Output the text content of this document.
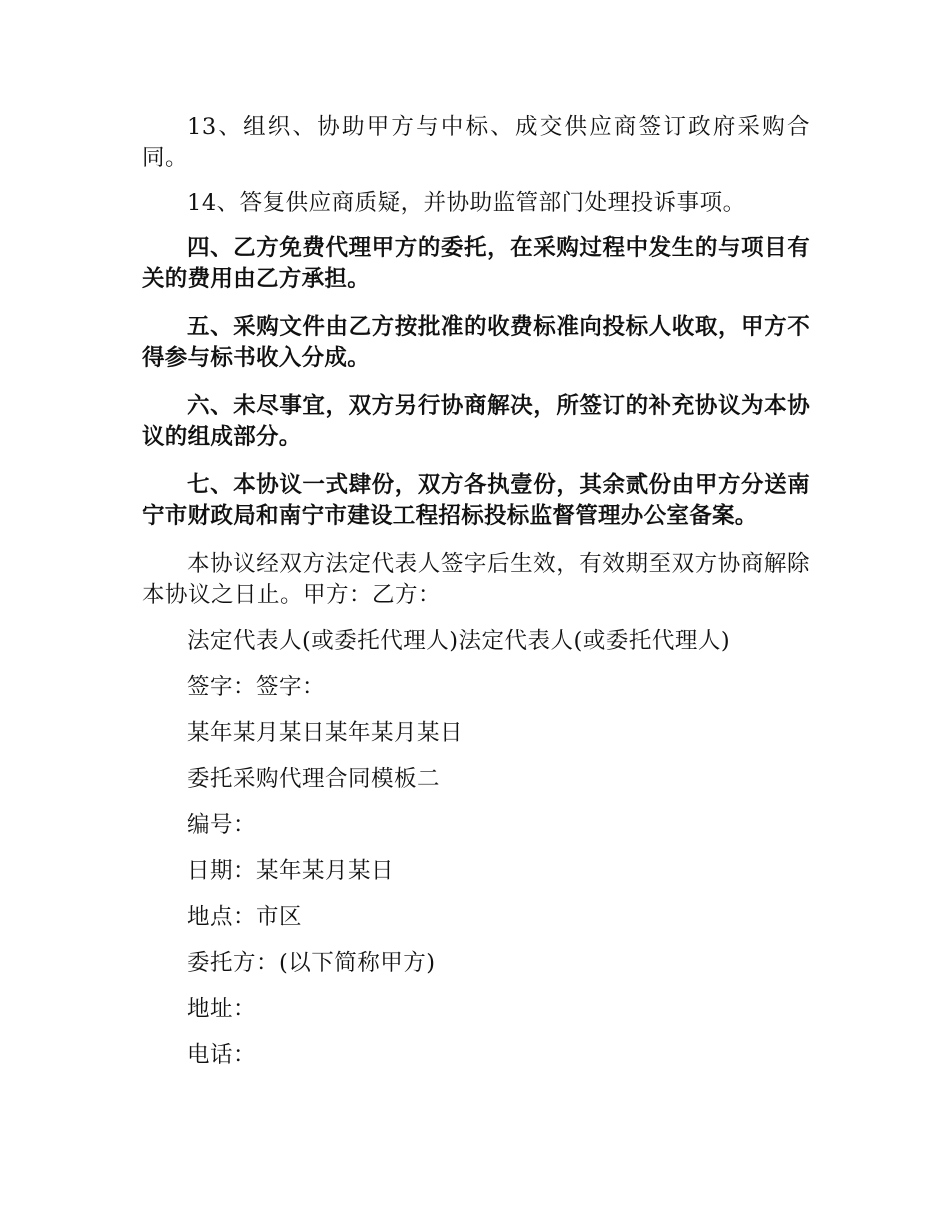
13、组织、协助甲方与中标、成交供应商签订政府采购合同。

14、答复供应商质疑，并协助监管部门处理投诉事项。

四、乙方免费代理甲方的委托，在采购过程中发生的与项目有关的费用由乙方承担。

五、采购文件由乙方按批准的收费标准向投标人收取，甲方不得参与标书收入分成。

六、未尽事宜，双方另行协商解决，所签订的补充协议为本协议的组成部分。

七、本协议一式肆份，双方各执壹份，其余贰份由甲方分送南宁市财政局和南宁市建设工程招标投标监督管理办公室备案。

本协议经双方法定代表人签字后生效，有效期至双方协商解除本协议之日止。甲方：乙方：

法定代表人(或委托代理人)法定代表人(或委托代理人)

签字：签字：

某年某月某日某年某月某日

委托采购代理合同模板二

编号：

日期：某年某月某日

地点：市区

委托方：(以下简称甲方)

地址：

电话：
